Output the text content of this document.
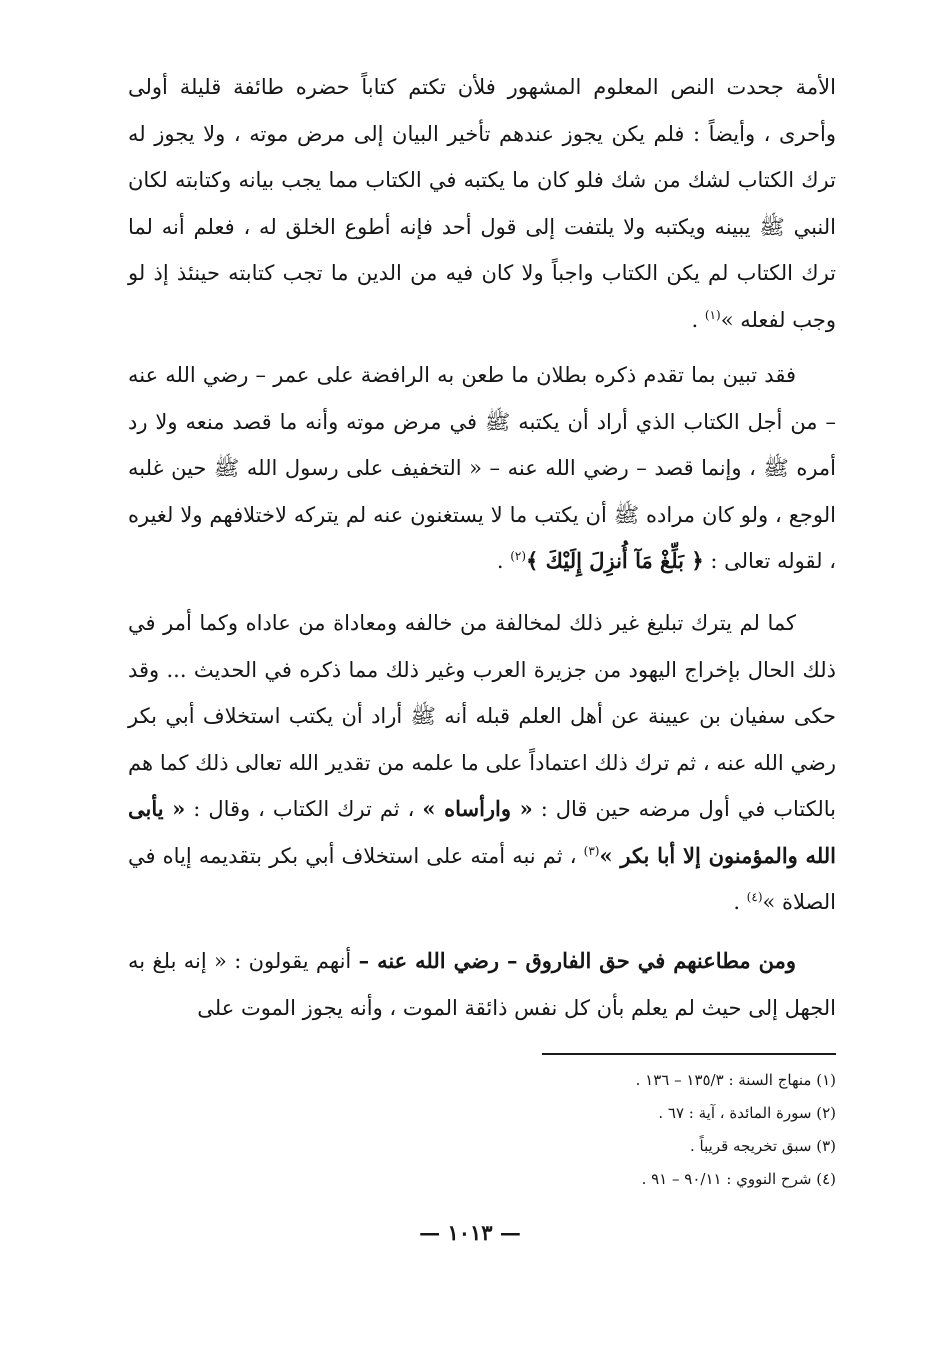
الأمة جحدت النص المعلوم المشهور فلأن تكتم كتاباً حضره طائفة قليلة أولى وأحرى ، وأيضاً : فلم يكن يجوز عندهم تأخير البيان إلى مرض موته ، ولا يجوز له ترك الكتاب لشك من شك فلو كان ما يكتبه في الكتاب مما يجب بيانه وكتابته لكان النبي ﷺ يبينه ويكتبه ولا يلتفت إلى قول أحد فإنه أطوع الخلق له ، فعلم أنه لما ترك الكتاب لم يكن الكتاب واجباً ولا كان فيه من الدين ما تجب كتابته حينئذ إذ لو وجب لفعله »$^{(١)}$ .

فقد تبين بما تقدم ذكره بطلان ما طعن به الرافضة على عمر – رضي الله عنه – من أجل الكتاب الذي أراد أن يكتبه ﷺ في مرض موته وأنه ما قصد منعه ولا رد أمره ﷺ ، وإنما قصد – رضي الله عنه – « التخفيف على رسول الله ﷺ حين غلبه الوجع ، ولو كان مراده ﷺ أن يكتب ما لا يستغنون عنه لم يتركه لاختلافهم ولا لغيره ، لقوله تعالى : ﴿ بَلِّغْ مَآ أُنزِلَ إِلَيْكَ ﴾$^{(٢)}$ .

كما لم يترك تبليغ غير ذلك لمخالفة من خالفه ومعاداة من عاداه وكما أمر في ذلك الحال بإخراج اليهود من جزيرة العرب وغير ذلك مما ذكره في الحديث ... وقد حكى سفيان بن عيينة عن أهل العلم قبله أنه ﷺ أراد أن يكتب استخلاف أبي بكر رضي الله عنه ، ثم ترك ذلك اعتماداً على ما علمه من تقدير الله تعالى ذلك كما هم بالكتاب في أول مرضه حين قال : « وارأساه » ، ثم ترك الكتاب ، وقال : « يأبى الله والمؤمنون إلا أبا بكر »$^{(٣)}$ ، ثم نبه أمته على استخلاف أبي بكر بتقديمه إياه في الصلاة »$^{(٤)}$ .

ومن مطاعنهم في حق الفاروق – رضي الله عنه – أنهم يقولون : « إنه بلغ به الجهل إلى حيث لم يعلم بأن كل نفس ذائقة الموت ، وأنه يجوز الموت على

(١) منهاج السنة : ١٣٥/٣ – ١٣٦ .

(٢) سورة المائدة ، آية : ٦٧ .

(٣) سبق تخريجه قريباً .

(٤) شرح النووي : ٩٠/١١ – ٩١ .

— ١٠١٣ —
